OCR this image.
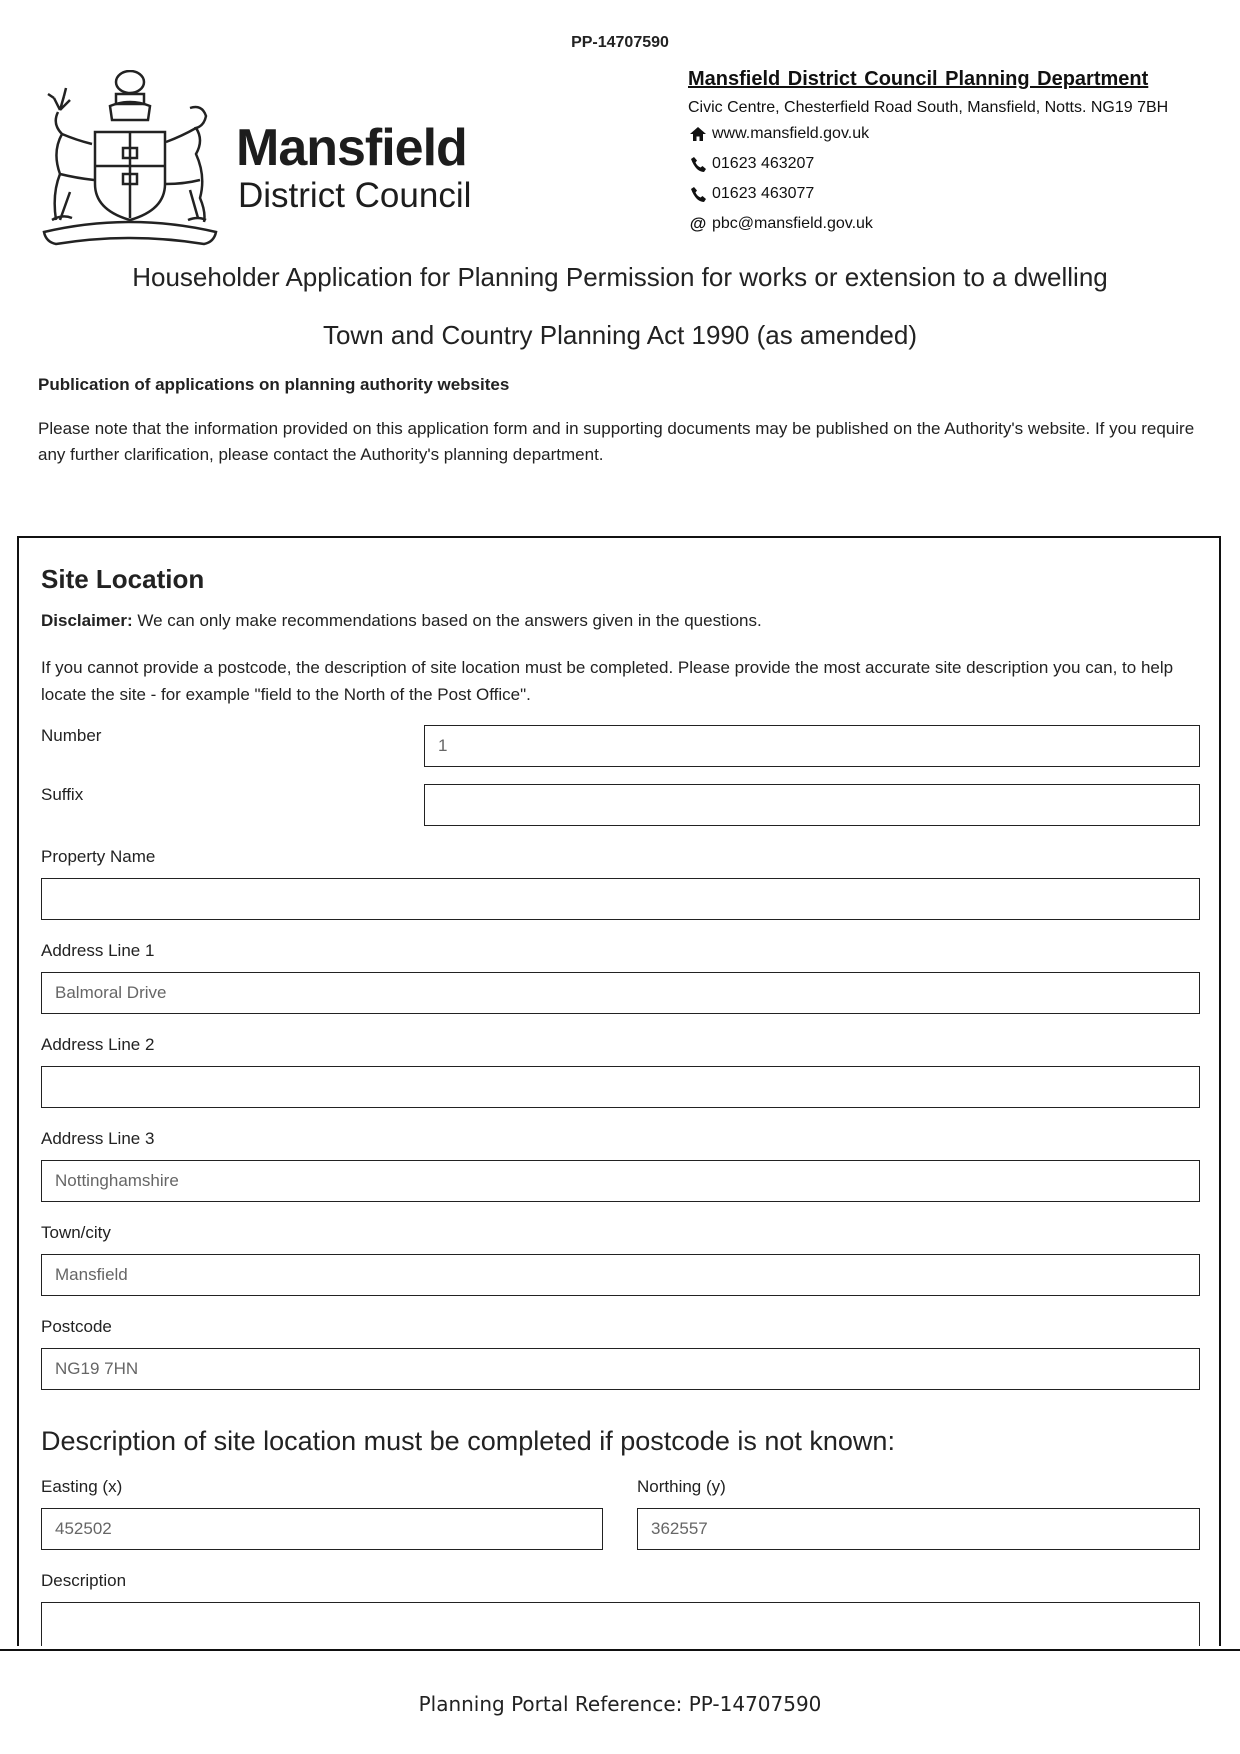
PP-14707590
Mansfield
District Council
Mansfield District Council Planning Department
Civic Centre, Chesterfield Road South, Mansfield, Notts. NG19 7BH
www.mansfield.gov.uk
01623 463207
01623 463077
@ pbc@mansfield.gov.uk
Householder Application for Planning Permission for works or extension to a dwelling
Town and Country Planning Act 1990 (as amended)
Publication of applications on planning authority websites
Please note that the information provided on this application form and in supporting documents may be published on the Authority's website. If you require any further clarification, please contact the Authority's planning department.
Site Location
Disclaimer: We can only make recommendations based on the answers given in the questions.
If you cannot provide a postcode, the description of site location must be completed. Please provide the most accurate site description you can, to help locate the site - for example "field to the North of the Post Office".
Number
1
Suffix
Property Name
Address Line 1
Balmoral Drive
Address Line 2
Address Line 3
Nottinghamshire
Town/city
Mansfield
Postcode
NG19 7HN
Description of site location must be completed if postcode is not known:
Easting (x)
452502
Northing (y)
362557
Description
Planning Portal Reference: PP-14707590
